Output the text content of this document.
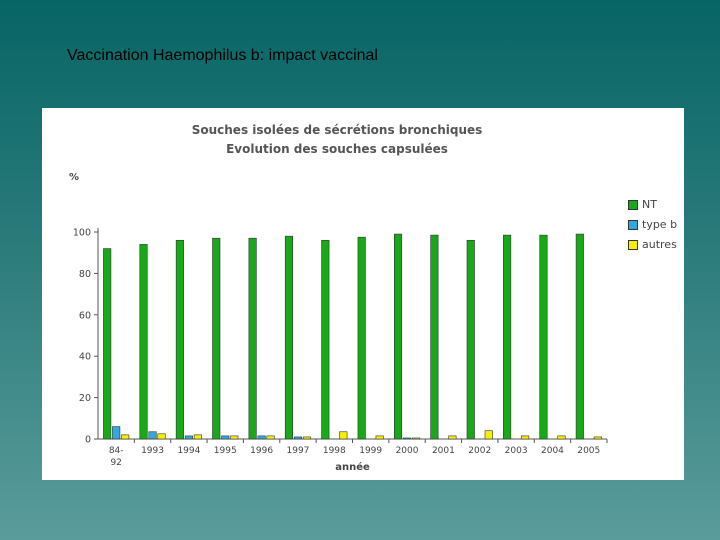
Vaccination Haemophilus b: impact vaccinal
Souches isolées de sécrétions bronchiques
Evolution des souches capsulées
%
0
20
40
60
80
100
84-
92
1993 1994 1995 1996 1997 1998 1999 2000 2001 2002 2003 2004 2005
année
NT
type b
autres
